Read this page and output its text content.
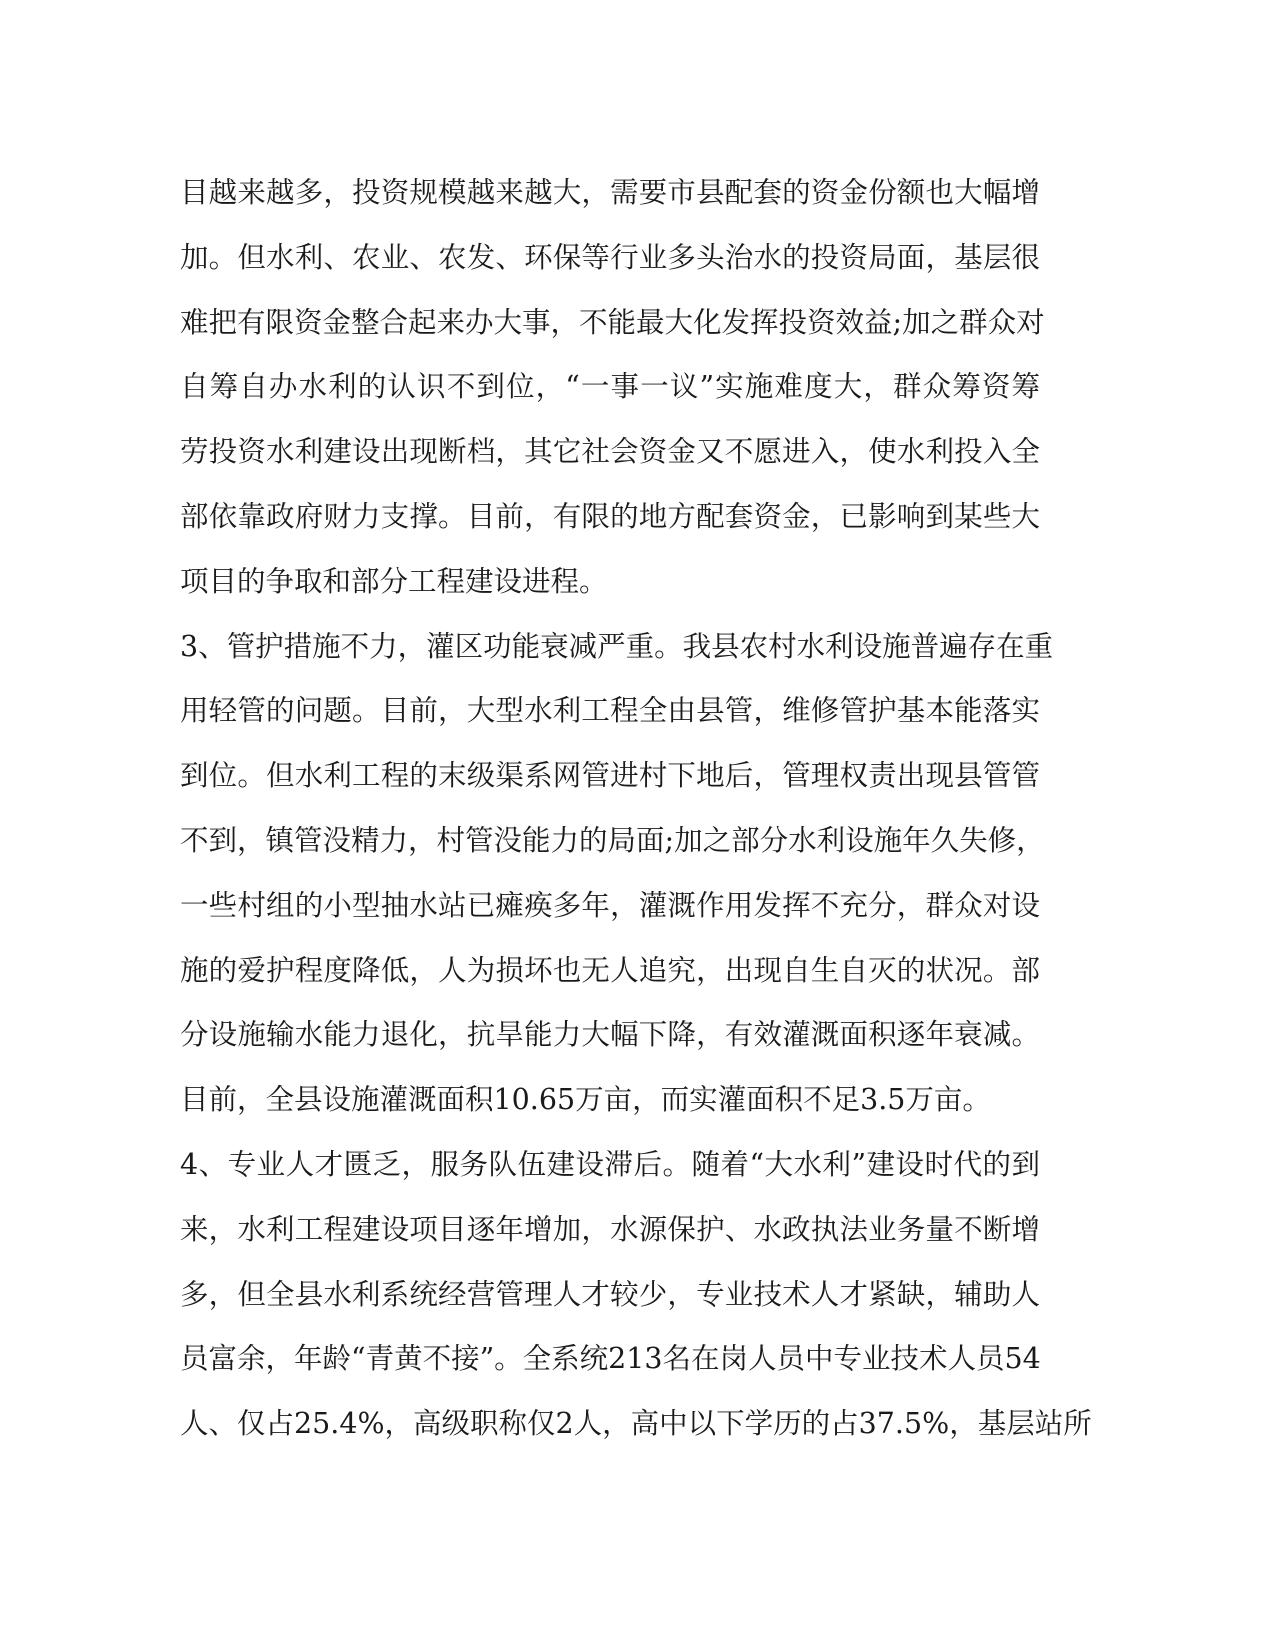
目越来越多，投资规模越来越大，需要市县配套的资金份额也大幅增
加。但水利、农业、农发、环保等行业多头治水的投资局面，基层很
难把有限资金整合起来办大事，不能最大化发挥投资效益;加之群众对
自筹自办水利的认识不到位，“一事一议”实施难度大，群众筹资筹
劳投资水利建设出现断档，其它社会资金又不愿进入，使水利投入全
部依靠政府财力支撑。目前，有限的地方配套资金，已影响到某些大
项目的争取和部分工程建设进程。
3、管护措施不力，灌区功能衰减严重。我县农村水利设施普遍存在重
用轻管的问题。目前，大型水利工程全由县管，维修管护基本能落实
到位。但水利工程的末级渠系网管进村下地后，管理权责出现县管管
不到，镇管没精力，村管没能力的局面;加之部分水利设施年久失修，
一些村组的小型抽水站已瘫痪多年，灌溉作用发挥不充分，群众对设
施的爱护程度降低，人为损坏也无人追究，出现自生自灭的状况。部
分设施输水能力退化，抗旱能力大幅下降，有效灌溉面积逐年衰减。
目前，全县设施灌溉面积10.65万亩，而实灌面积不足3.5万亩。
4、专业人才匮乏，服务队伍建设滞后。随着“大水利”建设时代的到
来，水利工程建设项目逐年增加，水源保护、水政执法业务量不断增
多，但全县水利系统经营管理人才较少，专业技术人才紧缺，辅助人
员富余，年龄“青黄不接”。全系统213名在岗人员中专业技术人员54
人、仅占25.4%，高级职称仅2人，高中以下学历的占37.5%，基层站所
